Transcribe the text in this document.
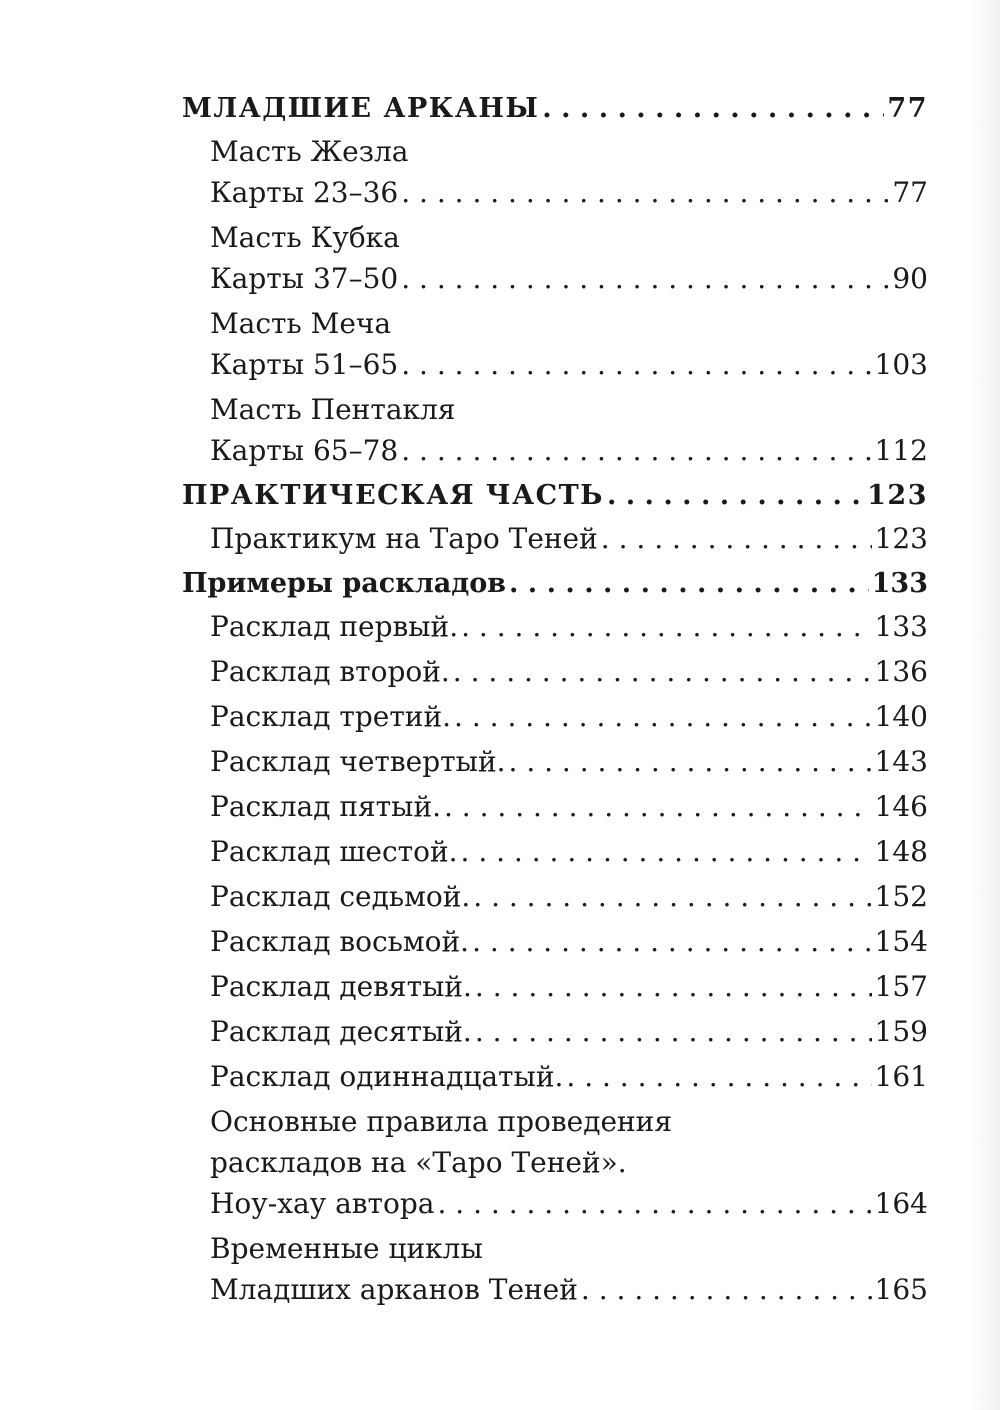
МЛАДШИЕ АРКАНЫ . . .	77
Масть Жезла
Карты 23–36 . . .	77
Масть Кубка
Карты 37–50 . . .	90
Масть Меча
Карты 51–65 . . .	103
Масть Пентакля
Карты 65–78 . . .	112
ПРАКТИЧЕСКАЯ ЧАСТЬ . . .	123
Практикум на Таро Теней . . .	123
Примеры раскладов . . .	133
Расклад первый. . . .	133
Расклад второй. . . .	136
Расклад третий. . . .	140
Расклад четвертый. . . .	143
Расклад пятый. . . .	146
Расклад шестой. . . .	148
Расклад седьмой. . . .	152
Расклад восьмой. . . .	154
Расклад девятый. . . .	157
Расклад десятый. . . .	159
Расклад одиннадцатый. . . .	161
Основные правила проведения
раскладов на «Таро Теней».
Ноу-хау автора . . .	164
Временные циклы
Младших арканов Теней . . .	165
